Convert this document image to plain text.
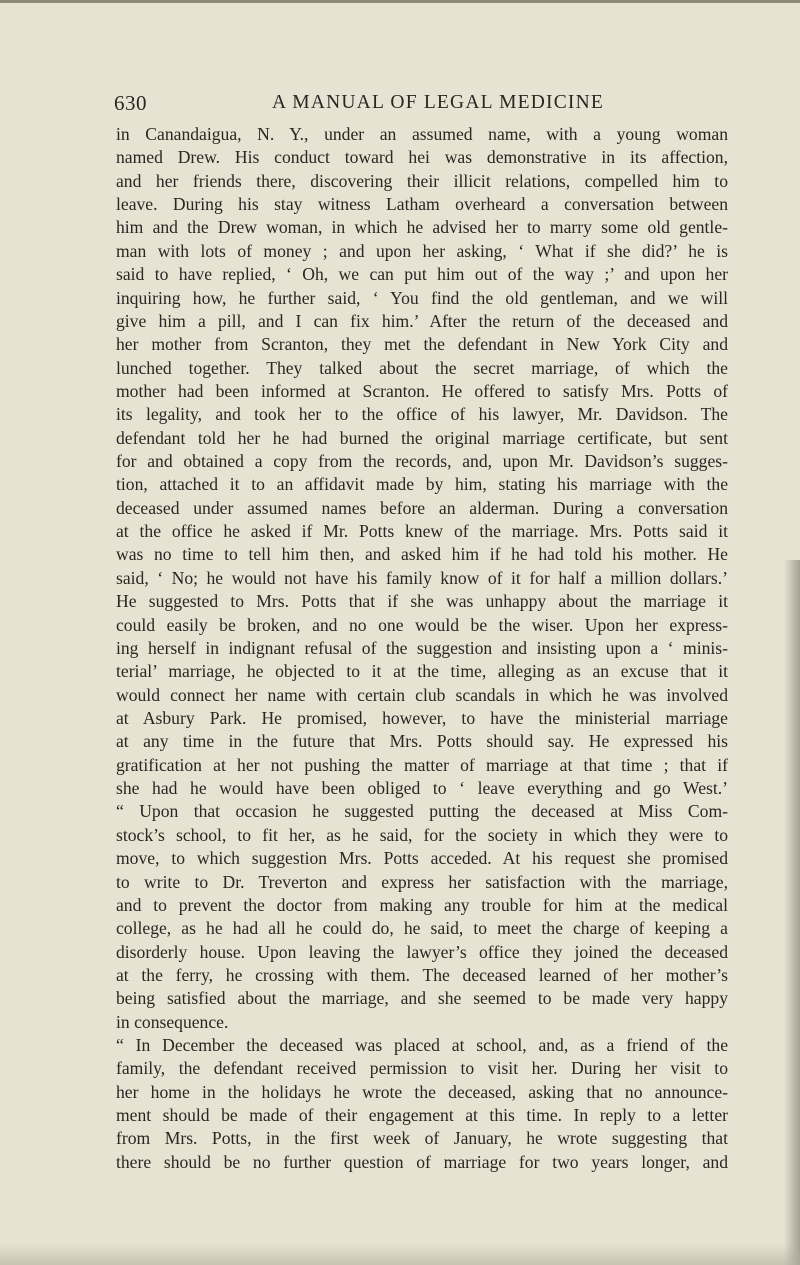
630	A MANUAL OF LEGAL MEDICINE
in Canandaigua, N. Y., under an assumed name, with a young woman
named Drew. His conduct toward hei was demonstrative in its affection,
and her friends there, discovering their illicit relations, compelled him to
leave. During his stay witness Latham overheard a conversation between
him and the Drew woman, in which he advised her to marry some old gentle-
man with lots of money ; and upon her asking, ‘ What if she did?’ he is
said to have replied, ‘ Oh, we can put him out of the way ;’ and upon her
inquiring how, he further said, ‘ You find the old gentleman, and we will
give him a pill, and I can fix him.’ After the return of the deceased and
her mother from Scranton, they met the defendant in New York City and
lunched together. They talked about the secret marriage, of which the
mother had been informed at Scranton. He offered to satisfy Mrs. Potts of
its legality, and took her to the office of his lawyer, Mr. Davidson. The
defendant told her he had burned the original marriage certificate, but sent
for and obtained a copy from the records, and, upon Mr. Davidson’s sugges-
tion, attached it to an affidavit made by him, stating his marriage with the
deceased under assumed names before an alderman. During a conversation
at the office he asked if Mr. Potts knew of the marriage. Mrs. Potts said it
was no time to tell him then, and asked him if he had told his mother. He
said, ‘ No; he would not have his family know of it for half a million dollars.’
He suggested to Mrs. Potts that if she was unhappy about the marriage it
could easily be broken, and no one would be the wiser. Upon her express-
ing herself in indignant refusal of the suggestion and insisting upon a ‘ minis-
terial’ marriage, he objected to it at the time, alleging as an excuse that it
would connect her name with certain club scandals in which he was involved
at Asbury Park. He promised, however, to have the ministerial marriage
at any time in the future that Mrs. Potts should say. He expressed his
gratification at her not pushing the matter of marriage at that time ; that if
she had he would have been obliged to ‘ leave everything and go West.’
“ Upon that occasion he suggested putting the deceased at Miss Com-
stock’s school, to fit her, as he said, for the society in which they were to
move, to which suggestion Mrs. Potts acceded. At his request she promised
to write to Dr. Treverton and express her satisfaction with the marriage,
and to prevent the doctor from making any trouble for him at the medical
college, as he had all he could do, he said, to meet the charge of keeping a
disorderly house. Upon leaving the lawyer’s office they joined the deceased
at the ferry, he crossing with them. The deceased learned of her mother’s
being satisfied about the marriage, and she seemed to be made very happy
in consequence.
“ In December the deceased was placed at school, and, as a friend of the
family, the defendant received permission to visit her. During her visit to
her home in the holidays he wrote the deceased, asking that no announce-
ment should be made of their engagement at this time. In reply to a letter
from Mrs. Potts, in the first week of January, he wrote suggesting that
there should be no further question of marriage for two years longer, and
